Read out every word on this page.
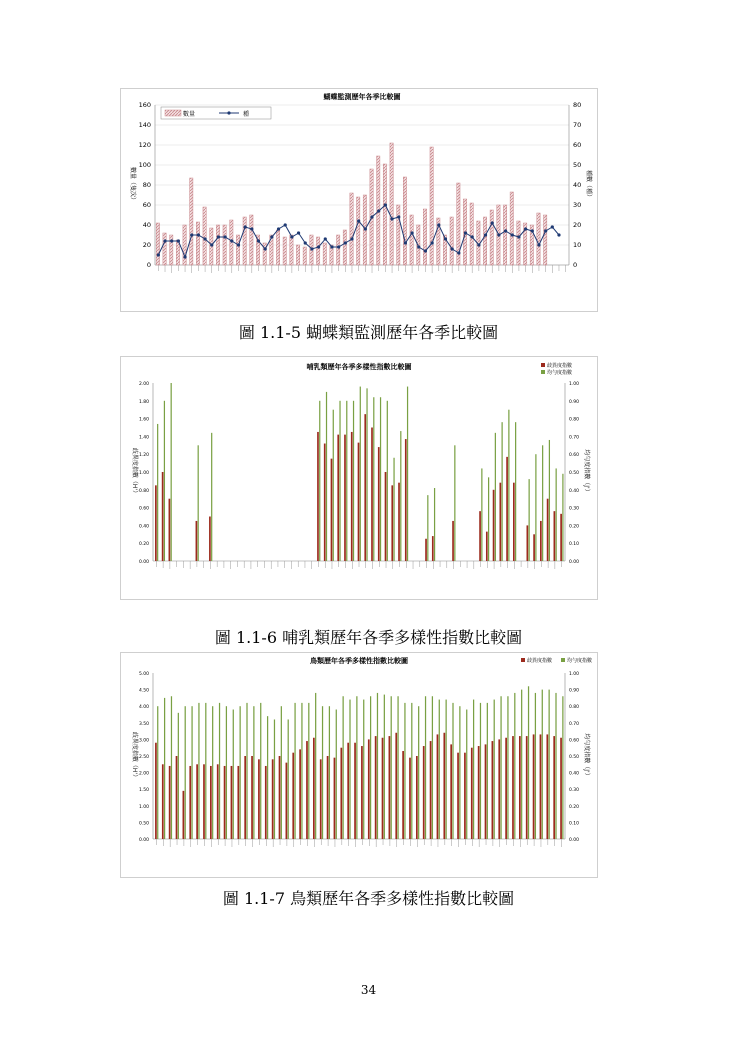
蝴蝶監測歷年各季比較圖
0
20
40
60
80
100
120
140
160
0
10
20
30
40
50
60
70
80
數量（隻次）	種數（種）
數量	種
圖 1.1-5 蝴蝶類監測歷年各季比較圖
哺乳類歷年各季多樣性指數比較圖
0.00
0.20
0.40
0.60
0.80
1.00
1.20
1.40
1.60
1.80
2.00
0.00
0.10
0.20
0.30
0.40
0.50
0.60
0.70
0.80
0.90
1.00
歧異度指數（H'）	均勻度指數（J'）
歧異度指數
均勻度指數
圖 1.1-6 哺乳類歷年各季多樣性指數比較圖
鳥類歷年各季多樣性指數比較圖
0.00
0.50
1.00
1.50
2.00
2.50
3.00
3.50
4.00
4.50
5.00
0.00
0.10
0.20
0.30
0.40
0.50
0.60
0.70
0.80
0.90
1.00
歧異度指數（H'）	均勻度指數（J'）
歧異度指數	均勻度指數
圖 1.1-7 鳥類歷年各季多樣性指數比較圖
34
